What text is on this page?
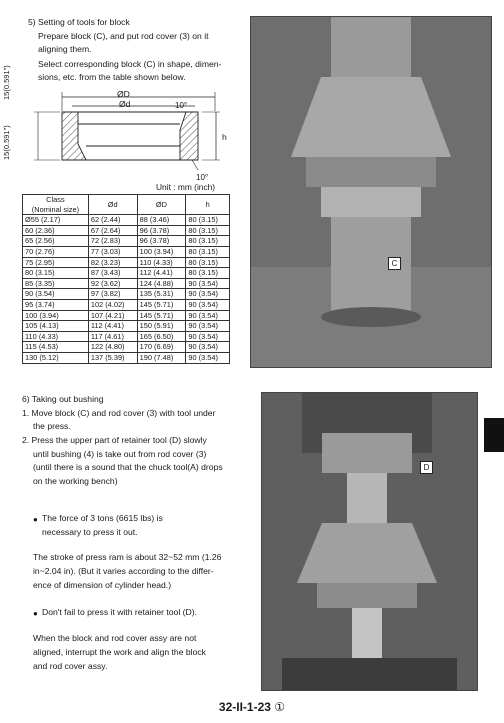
5) Setting of tools for block
Prepare block (C), and put rod cover (3) on it
aligning them.
Select corresponding block (C) in shape, dimen-
sions, etc. from the table shown below.
ØD
Ød	10°
h
10°
15(0.591")
15(0.591")
Unit : mm (inch)
Class
(Nominal size)	Ød	ØD	h
Ø55 (2.17)	62 (2.44)	88 (3.46)	80 (3.15)
60 (2.36)	67 (2.64)	96 (3.78)	80 (3.15)
65 (2.56)	72 (2.83)	96 (3.78)	80 (3.15)
70 (2.76)	77 (3.03)	100 (3.94)	80 (3.15)
75 (2.95)	82 (3.23)	110 (4.33)	80 (3.15)
80 (3.15)	87 (3.43)	112 (4.41)	80 (3.15)
85 (3.35)	92 (3.62)	124 (4.88)	90 (3.54)
90 (3.54)	97 (3.82)	135 (5.31)	90 (3.54)
95 (3.74)	102 (4.02)	145 (5.71)	90 (3.54)
100 (3.94)	107 (4.21)	145 (5.71)	90 (3.54)
105 (4.13)	112 (4.41)	150 (5.91)	90 (3.54)
110 (4.33)	117 (4.61)	165 (6.50)	90 (3.54)
115 (4.53)	122 (4.80)	170 (6.69)	90 (3.54)
130 (5.12)	137 (5.39)	190 (7.48)	90 (3.54)
C
6) Taking out bushing
1. Move block (C) and rod cover (3) with tool under
the press.
2. Press the upper part of retainer tool (D) slowly
until bushing (4) is take out from rod cover (3)
(until there is a sound that the chuck tool(A) drops
on the working bench)
● The force of 3 tons (6615 lbs) is
necessary to press it out.
The stroke of press ram is about 32~52 mm (1.26
in~2.04 in). (But it varies according to the differ-
ence of dimension of cylinder head.)
● Don't fail to press it with retainer tool (D).
When the block and rod cover assy are not
aligned, interrupt the work and align the block
and rod cover assy.
D
32-II-1-23 ①
